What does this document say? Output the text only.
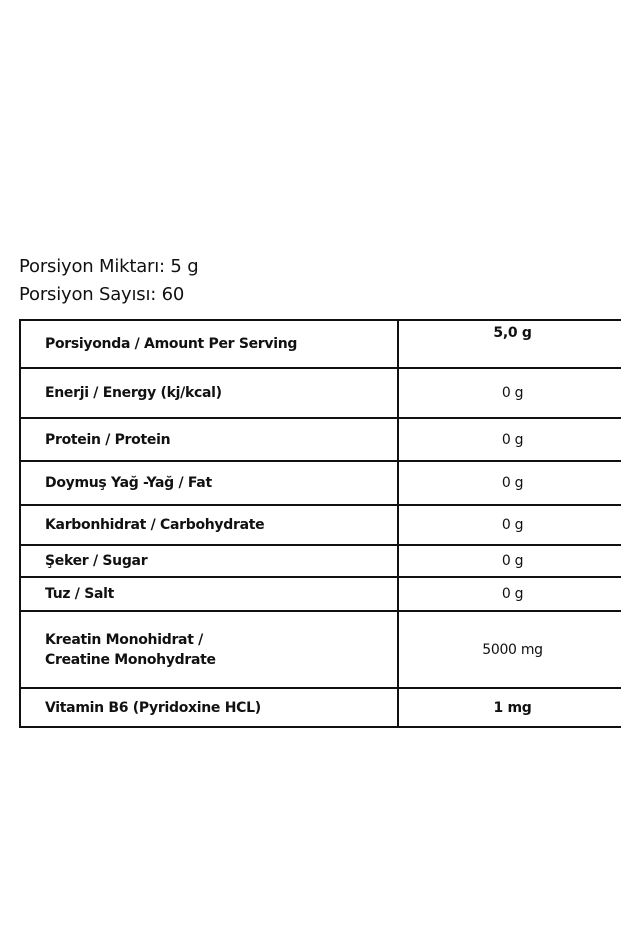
Porsiyon Miktarı: 5 g
Porsiyon Sayısı: 60
Porsiyonda / Amount Per Serving	5,0 g
Enerji / Energy (kj/kcal)	0 g
Protein / Protein	0 g
Doymuş Yağ -Yağ / Fat	0 g
Karbonhidrat / Carbohydrate	0 g
Şeker / Sugar	0 g
Tuz / Salt	0 g

Kreatin Monohidrat /
Creatine Monohydrate	5000 mg
Vitamin B6 (Pyridoxine HCL)	1 mg
